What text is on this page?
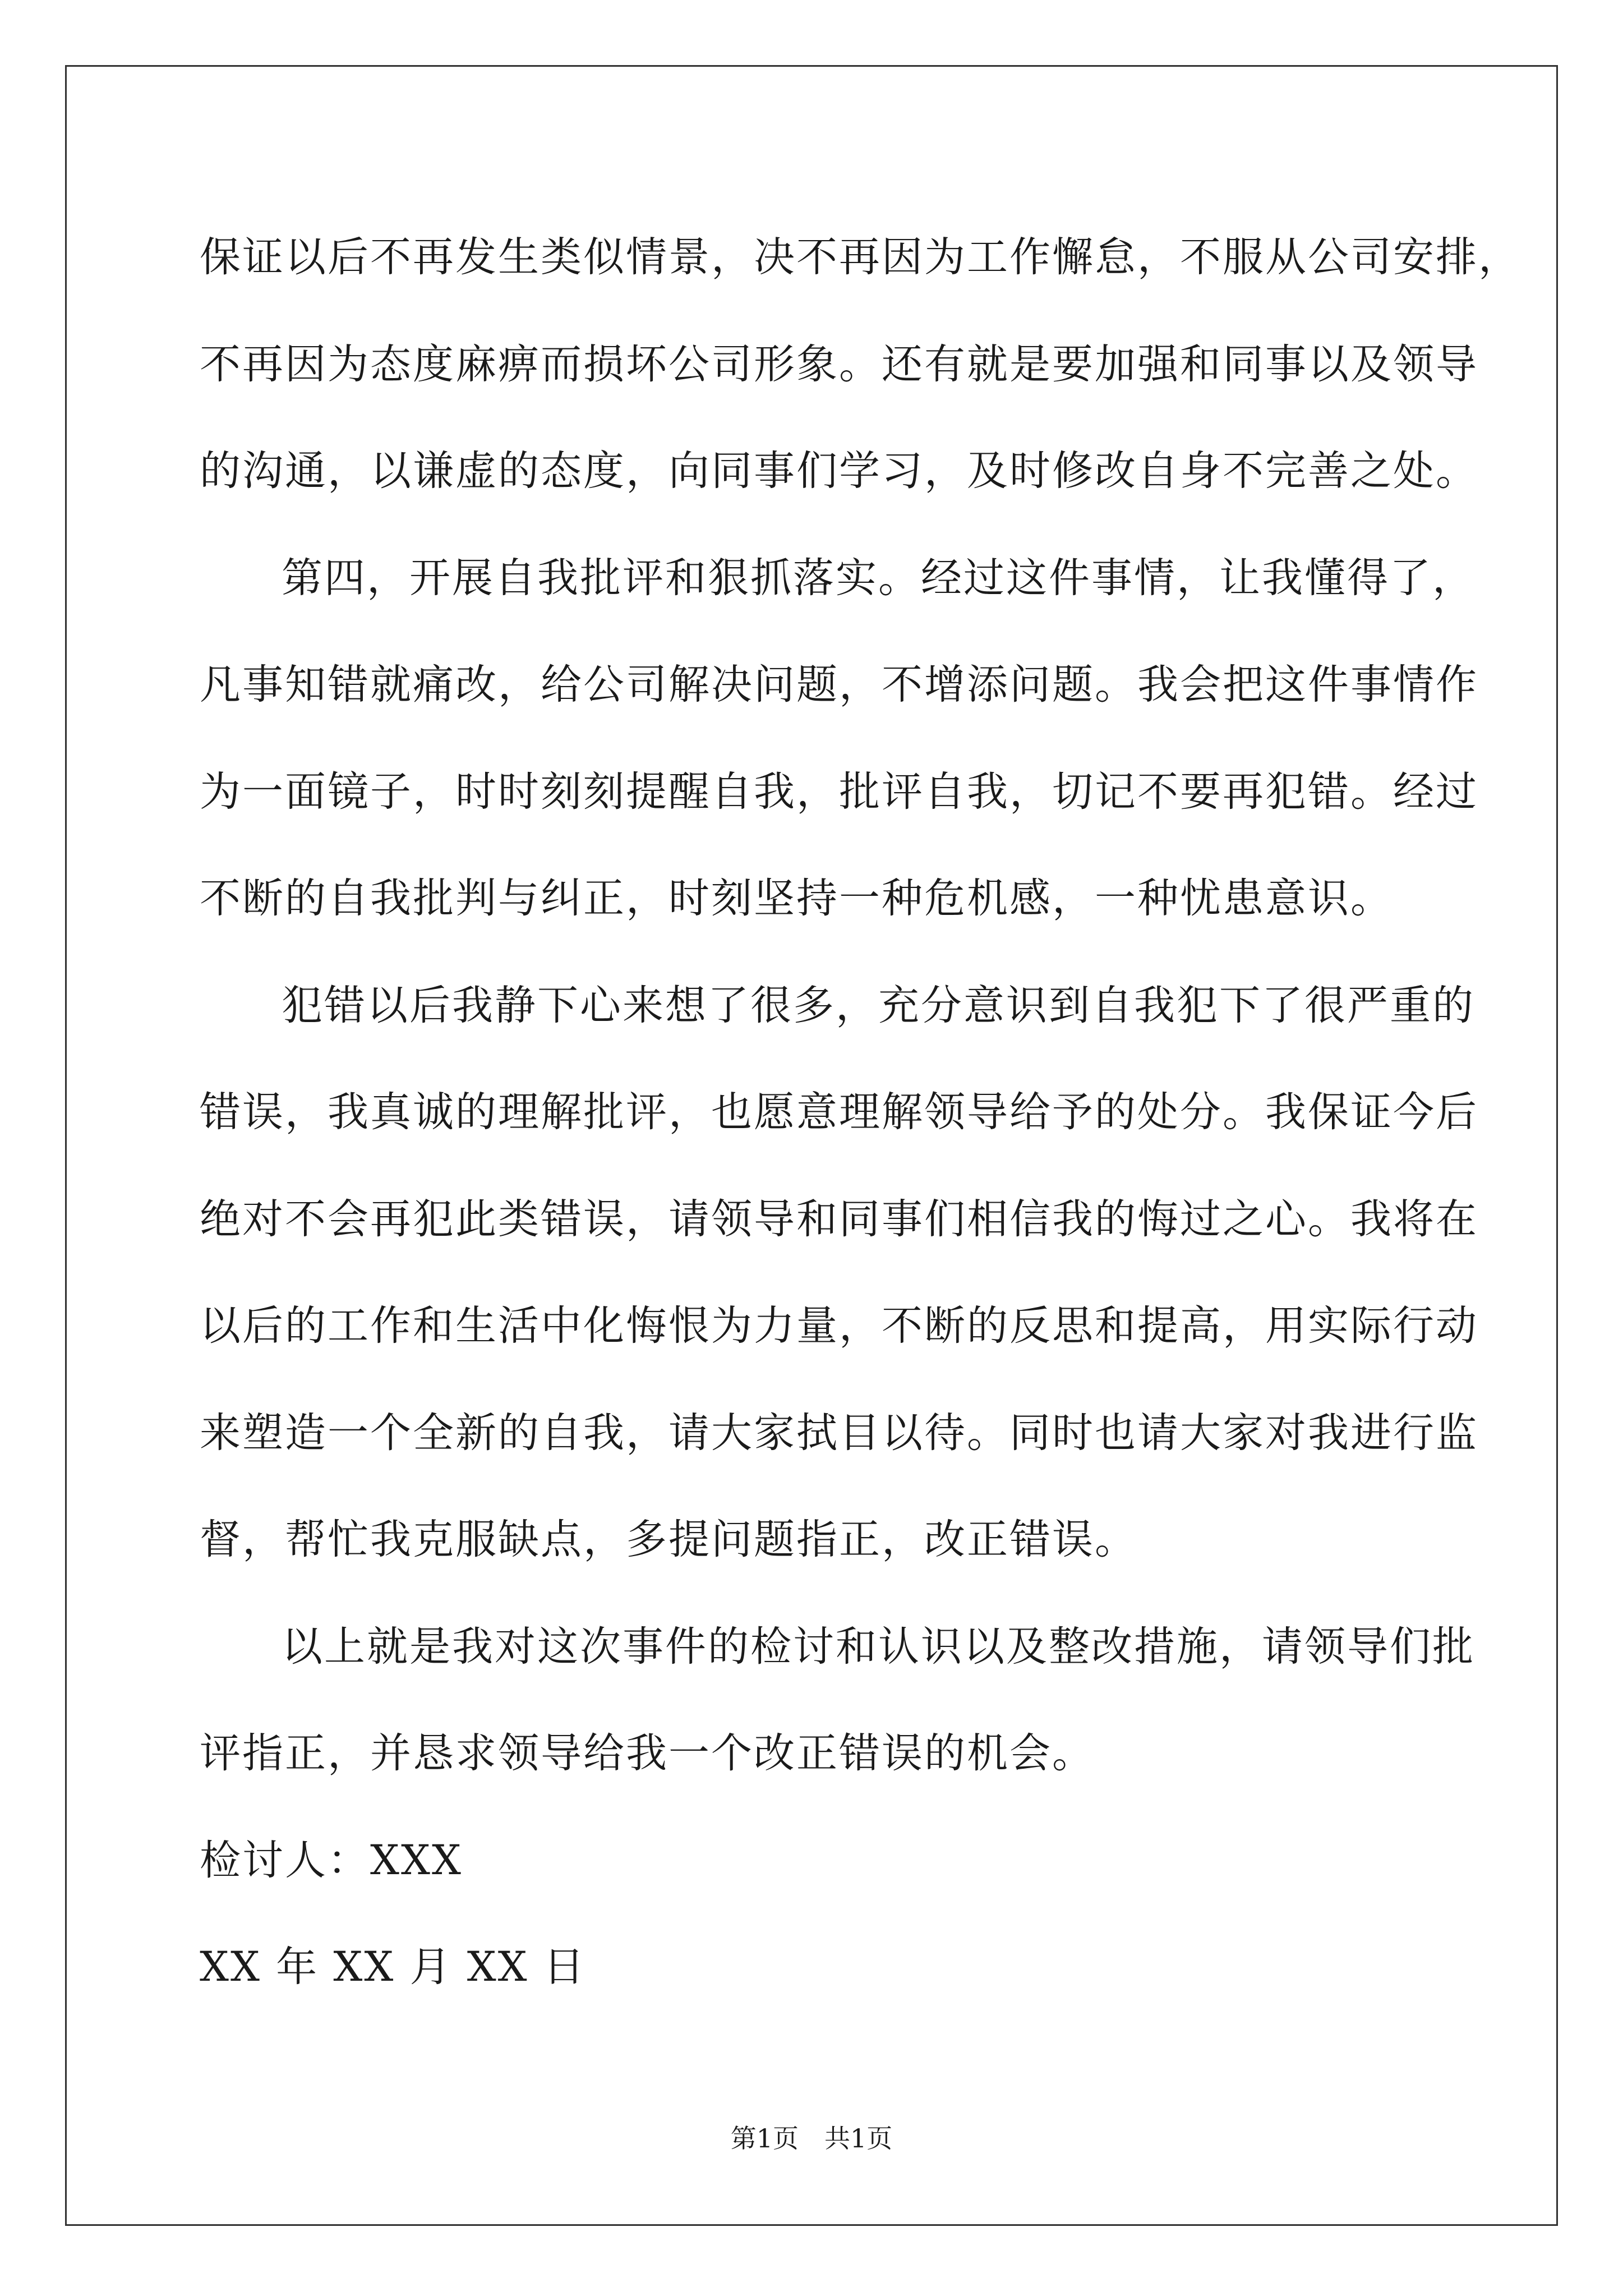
保证以后不再发生类似情景，决不再因为工作懈怠，不服从公司安排，
不再因为态度麻痹而损坏公司形象。还有就是要加强和同事以及领导
的沟通，以谦虚的态度，向同事们学习，及时修改自身不完善之处。

第四，开展自我批评和狠抓落实。经过这件事情，让我懂得了，
凡事知错就痛改，给公司解决问题，不增添问题。我会把这件事情作
为一面镜子，时时刻刻提醒自我，批评自我，切记不要再犯错。经过
不断的自我批判与纠正，时刻坚持一种危机感，一种忧患意识。

犯错以后我静下心来想了很多，充分意识到自我犯下了很严重的
错误，我真诚的理解批评，也愿意理解领导给予的处分。我保证今后
绝对不会再犯此类错误，请领导和同事们相信我的悔过之心。我将在
以后的工作和生活中化悔恨为力量，不断的反思和提高，用实际行动
来塑造一个全新的自我，请大家拭目以待。同时也请大家对我进行监
督，帮忙我克服缺点，多提问题指正，改正错误。

以上就是我对这次事件的检讨和认识以及整改措施，请领导们批
评指正，并恳求领导给我一个改正错误的机会。

检讨人：XXX

XX 年 XX 月 XX 日

第1页 共1页
